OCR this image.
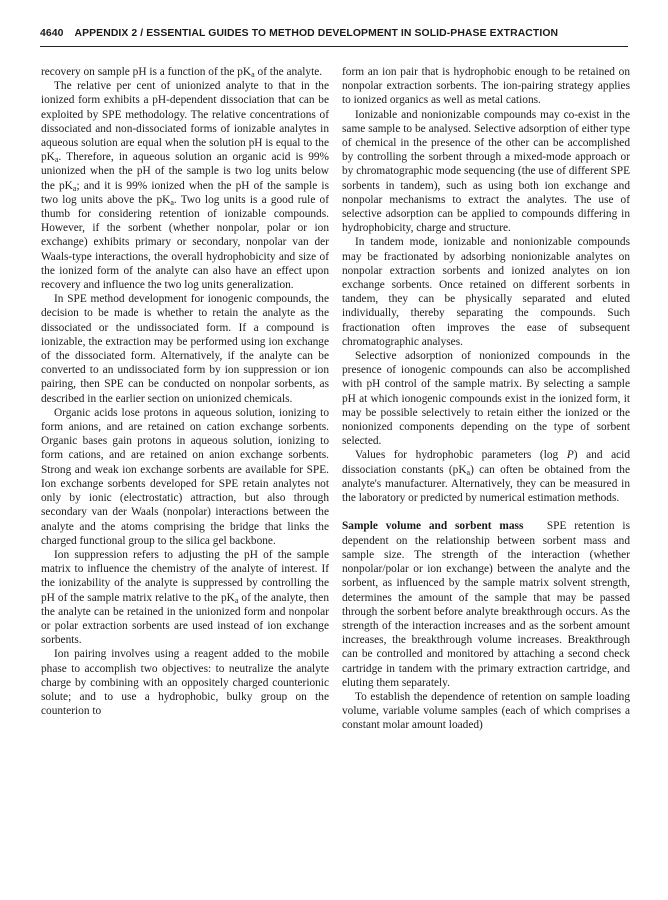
4640 APPENDIX 2 / ESSENTIAL GUIDES TO METHOD DEVELOPMENT IN SOLID-PHASE EXTRACTION

recovery on sample pH is a function of the $pK_a$ of the analyte.

The relative per cent of unionized analyte to that in the ionized form exhibits a pH-dependent dissociation that can be exploited by SPE methodology. The relative concentrations of dissociated and non-dissociated forms of ionizable analytes in aqueous solution are equal when the solution pH is equal to the $pK_a$. Therefore, in aqueous solution an organic acid is 99% unionized when the pH of the sample is two log units below the $pK_a$; and it is 99% ionized when the pH of the sample is two log units above the $pK_a$. Two log units is a good rule of thumb for considering retention of ionizable compounds. However, if the sorbent (whether nonpolar, polar or ion exchange) exhibits primary or secondary, nonpolar van der Waals-type interactions, the overall hydrophobicity and size of the ionized form of the analyte can also have an effect upon recovery and influence the two log units generalization.

In SPE method development for ionogenic compounds, the decision to be made is whether to retain the analyte as the dissociated or the undissociated form. If a compound is ionizable, the extraction may be performed using ion exchange of the dissociated form. Alternatively, if the analyte can be converted to an undissociated form by ion suppression or ion pairing, then SPE can be conducted on nonpolar sorbents, as described in the earlier section on unionized chemicals.

Organic acids lose protons in aqueous solution, ionizing to form anions, and are retained on cation exchange sorbents. Organic bases gain protons in aqueous solution, ionizing to form cations, and are retained on anion exchange sorbents. Strong and weak ion exchange sorbents are available for SPE. Ion exchange sorbents developed for SPE retain analytes not only by ionic (electrostatic) attraction, but also through secondary van der Waals (nonpolar) interactions between the analyte and the atoms comprising the bridge that links the charged functional group to the silica gel backbone.

Ion suppression refers to adjusting the pH of the sample matrix to influence the chemistry of the analyte of interest. If the ionizability of the analyte is suppressed by controlling the pH of the sample matrix relative to the $pK_a$ of the analyte, then the analyte can be retained in the unionized form and nonpolar or polar extraction sorbents are used instead of ion exchange sorbents.

Ion pairing involves using a reagent added to the mobile phase to accomplish two objectives: to neutralize the analyte charge by combining with an oppositely charged counterionic solute; and to use a hydrophobic, bulky group on the counterion to

form an ion pair that is hydrophobic enough to be retained on nonpolar extraction sorbents. The ion-pairing strategy applies to ionized organics as well as metal cations.

Ionizable and nonionizable compounds may co-exist in the same sample to be analysed. Selective adsorption of either type of chemical in the presence of the other can be accomplished by controlling the sorbent through a mixed-mode approach or by chromatographic mode sequencing (the use of different SPE sorbents in tandem), such as using both ion exchange and nonpolar mechanisms to extract the analytes. The use of selective adsorption can be applied to compounds differing in hydrophobicity, charge and structure.

In tandem mode, ionizable and nonionizable compounds may be fractionated by adsorbing nonionizable analytes on nonpolar extraction sorbents and ionized analytes on ion exchange sorbents. Once retained on different sorbents in tandem, they can be physically separated and eluted individually, thereby separating the compounds. Such fractionation often improves the ease of subsequent chromatographic analyses.

Selective adsorption of nonionized compounds in the presence of ionogenic compounds can also be accomplished with pH control of the sample matrix. By selecting a sample pH at which ionogenic compounds exist in the ionized form, it may be possible selectively to retain either the ionized or the nonionized components depending on the type of sorbent selected.

Values for hydrophobic parameters (log P) and acid dissociation constants $(pK_a)$ can often be obtained from the analyte's manufacturer. Alternatively, they can be measured in the laboratory or predicted by numerical estimation methods.

Sample volume and sorbent mass SPE retention is dependent on the relationship between sorbent mass and sample size. The strength of the interaction (whether nonpolar/polar or ion exchange) between the analyte and the sorbent, as influenced by the sample matrix solvent strength, determines the amount of the sample that may be passed through the sorbent before analyte breakthrough occurs. As the strength of the interaction increases and as the sorbent amount increases, the breakthrough volume increases. Breakthrough can be controlled and monitored by attaching a second check cartridge in tandem with the primary extraction cartridge, and eluting them separately.

To establish the dependence of retention on sample loading volume, variable volume samples (each of which comprises a constant molar amount loaded)
